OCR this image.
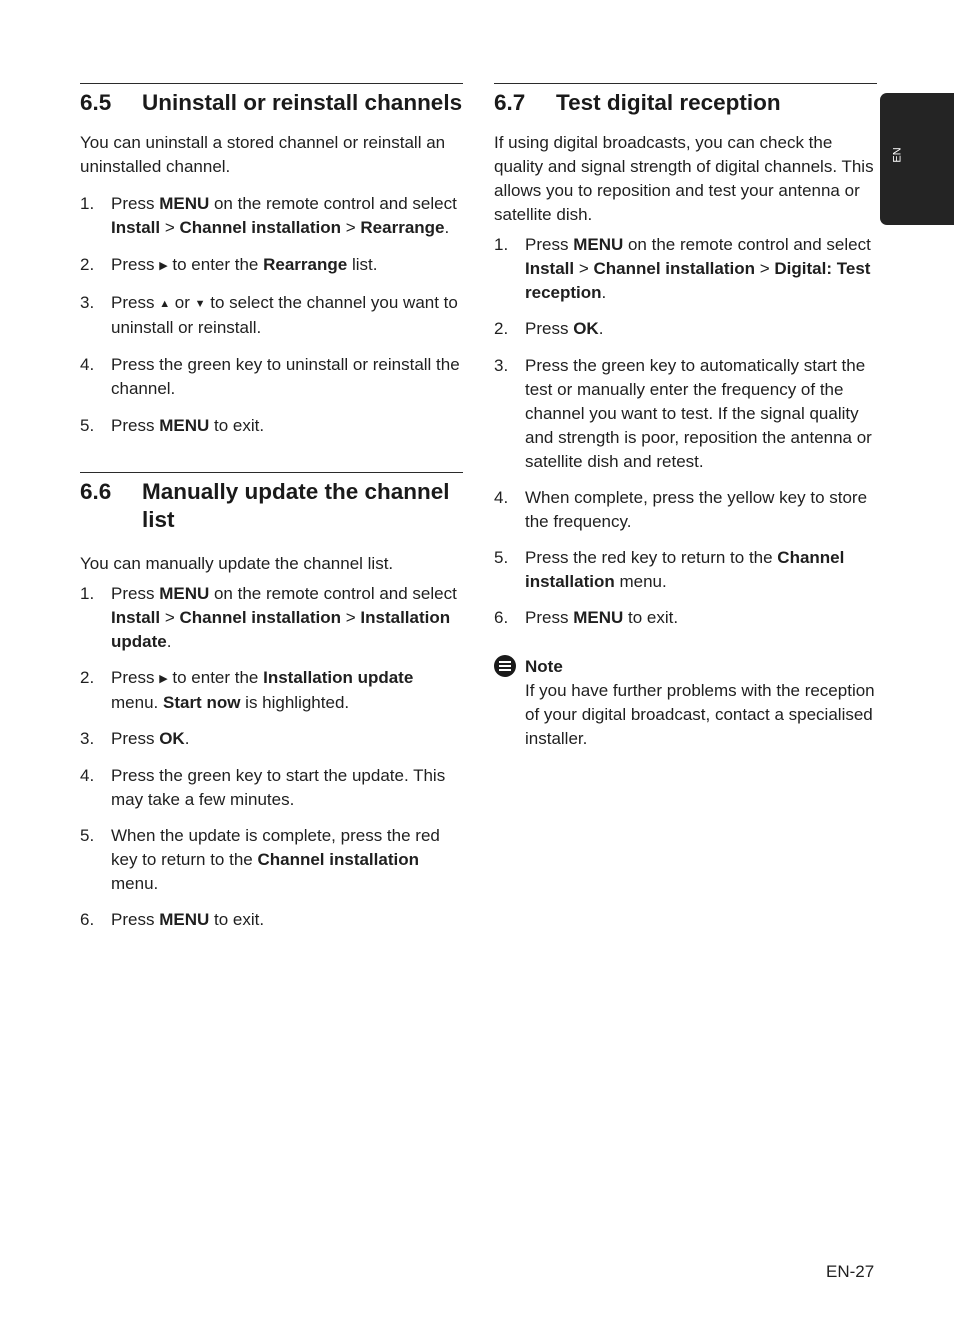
6.5	Uninstall or reinstall channels

You can uninstall a stored channel or reinstall an uninstalled channel.

1. Press MENU on the remote control and select Install > Channel installation > Rearrange.
2. Press ▶ to enter the Rearrange list.
3. Press ▲ or ▼ to select the channel you want to uninstall or reinstall.
4. Press the green key to uninstall or reinstall the channel.
5. Press MENU to exit.
6.6	Manually update the channel list

You can manually update the channel list.

1. Press MENU on the remote control and select Install > Channel installation > Installation update.
2. Press ▶ to enter the Installation update menu. Start now is highlighted.
3. Press OK.
4. Press the green key to start the update. This may take a few minutes.
5. When the update is complete, press the red key to return to the Channel installation menu.
6. Press MENU to exit.
6.7	Test digital reception

If using digital broadcasts, you can check the quality and signal strength of digital channels. This allows you to reposition and test your antenna or satellite dish.

1. Press MENU on the remote control and select Install > Channel installation > Digital: Test reception.
2. Press OK.
3. Press the green key to automatically start the test or manually enter the frequency of the channel you want to test. If the signal quality and strength is poor, reposition the antenna or satellite dish and retest.
4. When complete, press the yellow key to store the frequency.
5. Press the red key to return to the Channel installation menu.
6. Press MENU to exit.

Note

If you have further problems with the reception of your digital broadcast, contact a specialised installer.

EN
EN-27
